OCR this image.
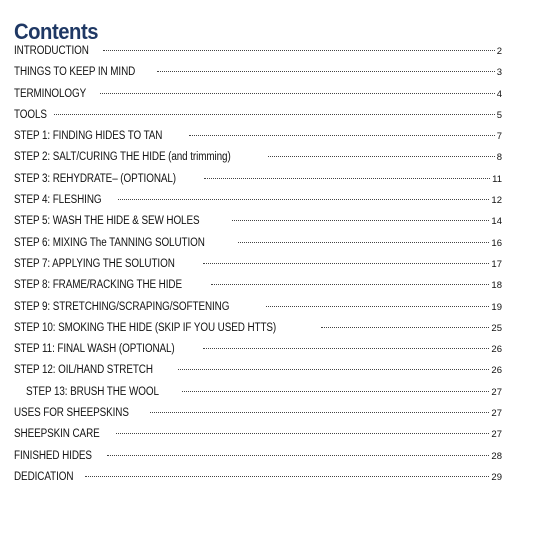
Contents
INTRODUCTION	2
THINGS TO KEEP IN MIND	3
TERMINOLOGY	4
TOOLS	5
STEP 1: FINDING HIDES TO TAN	7
STEP 2: SALT/CURING THE HIDE (and trimming)	8
STEP 3: REHYDRATE– (OPTIONAL)	11
STEP 4: FLESHING	12
STEP 5: WASH THE HIDE & SEW HOLES	14
STEP 6: MIXING The TANNING SOLUTION	16
STEP 7: APPLYING THE SOLUTION	17
STEP 8: FRAME/RACKING THE HIDE	18
STEP 9: STRETCHING/SCRAPING/SOFTENING	19
STEP 10: SMOKING THE HIDE (SKIP IF YOU USED HTTS)	25
STEP 11: FINAL WASH (OPTIONAL)	26
STEP 12: OIL/HAND STRETCH	26
STEP 13: BRUSH THE WOOL	27
USES FOR SHEEPSKINS	27
SHEEPSKIN CARE	27
FINISHED HIDES	28
DEDICATION	29
